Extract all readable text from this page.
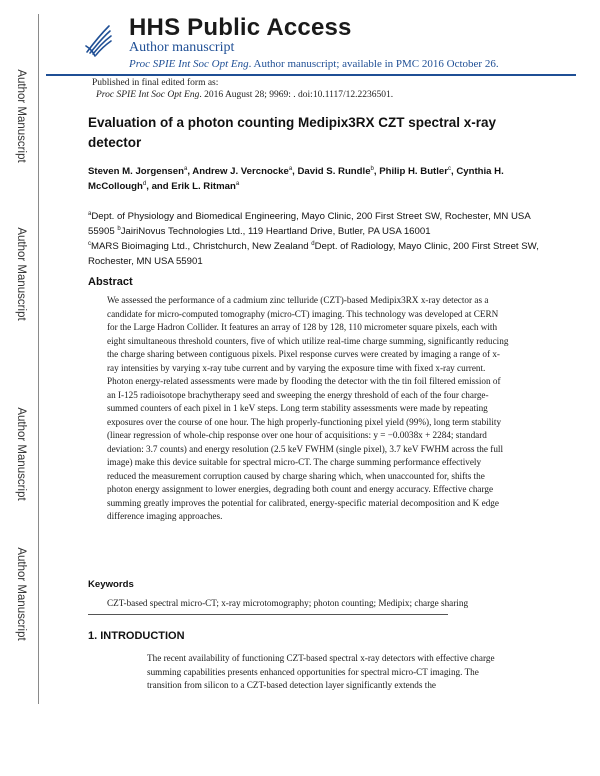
Author Manuscript
Author Manuscript
Author Manuscript
Author Manuscript
HHS Public Access
Author manuscript
Proc SPIE Int Soc Opt Eng. Author manuscript; available in PMC 2016 October 26.
Published in final edited form as:
Proc SPIE Int Soc Opt Eng. 2016 August 28; 9969: . doi:10.1117/12.2236501.
Evaluation of a photon counting Medipix3RX CZT spectral x-ray detector
Steven M. Jorgensen$^a$, Andrew J. Vercnocke$^a$, David S. Rundle$^b$, Philip H. Butler$^c$, Cynthia H. McCollough$^d$, and Erik L. Ritman$^a$
$^a$Dept. of Physiology and Biomedical Engineering, Mayo Clinic, 200 First Street SW, Rochester, MN USA 55905 $^b$JairiNovus Technologies Ltd., 119 Heartland Drive, Butler, PA USA 16001
$^c$MARS Bioimaging Ltd., Christchurch, New Zealand $^d$Dept. of Radiology, Mayo Clinic, 200 First Street SW, Rochester, MN USA 55901
Abstract
We assessed the performance of a cadmium zinc telluride (CZT)-based Medipix3RX x-ray detector as a candidate for micro-computed tomography (micro-CT) imaging. This technology was developed at CERN for the Large Hadron Collider. It features an array of 128 by 128, 110 micrometer square pixels, each with eight simultaneous threshold counters, five of which utilize real-time charge summing, significantly reducing the charge sharing between contiguous pixels. Pixel response curves were created by imaging a range of x-ray intensities by varying x-ray tube current and by varying the exposure time with fixed x-ray current. Photon energy-related assessments were made by flooding the detector with the tin foil filtered emission of an I-125 radioisotope brachytherapy seed and sweeping the energy threshold of each of the four charge-summed counters of each pixel in 1 keV steps. Long term stability assessments were made by repeating exposures over the course of one hour. The high properly-functioning pixel yield (99%), long term stability (linear regression of whole-chip response over one hour of acquisitions: y = −0.0038x + 2284; standard deviation: 3.7 counts) and energy resolution (2.5 keV FWHM (single pixel), 3.7 keV FWHM across the full image) make this device suitable for spectral micro-CT. The charge summing performance effectively reduced the measurement corruption caused by charge sharing which, when unaccounted for, shifts the photon energy assignment to lower energies, degrading both count and energy accuracy. Effective charge summing greatly improves the potential for calibrated, energy-specific material decomposition and K edge difference imaging approaches.
Keywords
CZT-based spectral micro-CT; x-ray microtomography; photon counting; Medipix; charge sharing
1. INTRODUCTION
The recent availability of functioning CZT-based spectral x-ray detectors with effective charge summing capabilities presents enhanced opportunities for spectral micro-CT imaging. The transition from silicon to a CZT-based detection layer significantly extends the
